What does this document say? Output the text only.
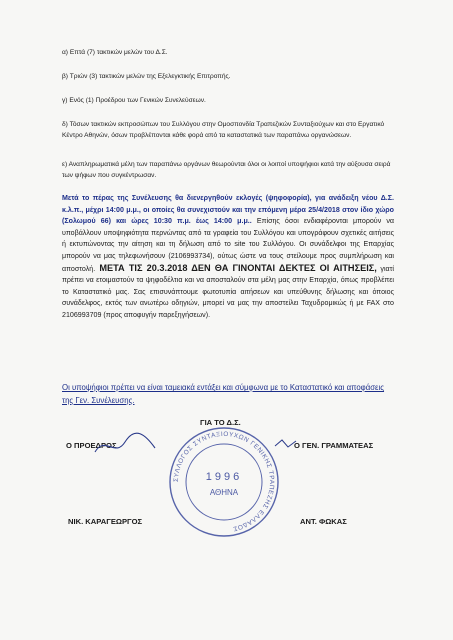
α) Επτά (7) τακτικών μελών του Δ.Σ.

β) Τριών (3) τακτικών μελών της Εξελεγκτικής Επιτροπής.

γ) Ενός (1) Προέδρου των Γενικών Συνελεύσεων.

δ) Τόσων τακτικών εκπροσώπων του Συλλόγου στην Ομοσπονδία Τραπεζικών Συνταξιούχων και στο Εργατικό Κέντρο Αθηνών, όσων προβλέπονται κάθε φορά από τα καταστατικά των παραπάνω οργανώσεων.

ε) Αναπληρωματικά μέλη των παραπάνω οργάνων θεωρούνται όλοι οι λοιποί υποψήφιοι κατά την αύξουσα σειρά των ψήφων που συγκέντρωσαν.

Μετά το πέρας της Συνέλευσης θα διενεργηθούν εκλογές (ψηφοφορία), για ανάδειξη νέου Δ.Σ. κ.λ.π., μέχρι 14:00 μ.μ., οι οποίες θα συνεχιστούν και την επόμενη μέρα 25/4/2018 στον ίδιο χώρο (Σολωμού 66) και ώρες 10:30 π.μ. έως 14:00 μ.μ.. Επίσης όσοι ενδιαφέρονται μπορούν να υποβάλλουν υποψηφιότητα περνώντας από τα γραφεία του Συλλόγου και υπογράφουν σχετικές αιτήσεις ή εκτυπώνοντας την αίτηση και τη δήλωση από το site του Συλλόγου. Οι συνάδελφοι της Επαρχίας μπορούν να μας τηλεφωνήσουν (2106993734), ούτως ώστε να τους στείλουμε προς συμπλήρωση και αποστολή. ΜΕΤΑ ΤΙΣ 20.3.2018 ΔΕΝ ΘΑ ΓΙΝΟΝΤΑΙ ΔΕΚΤΕΣ ΟΙ ΑΙΤΗΣΕΙΣ, γιατί πρέπει να ετοιμαστούν τα ψηφοδέλτια και να αποσταλούν στα μέλη μας στην Επαρχία, όπως προβλέπει το Καταστατικό μας. Σας επισυνάπτουμε φωτοτυπία αιτήσεων και υπεύθυνης δήλωσης και όποιος συνάδελφος, εκτός των ανωτέρω οδηγιών, μπορεί να μας την αποστείλει Ταχυδρομικώς ή με FAX στο 2106993709 (προς αποφυγήν παρεξηγήσεων).
Οι υποψήφιοι πρέπει να είναι ταμειακά εντάξει και σύμφωνα με το Καταστατικό και αποφάσεις της Γεν. Συνέλευσης.
ΓΙΑ ΤΟ Δ.Σ.
Ο ΠΡΟΕΔΡΟΣ	Ο ΓΕΝ. ΓΡΑΜΜΑΤΕΑΣ
ΝΙΚ. ΚΑΡΑΓΕΩΡΓΟΣ	ΑΝΤ. ΦΩΚΑΣ
ΣΥΛΛΟΓΟΣ ΣΥΝΤΑΞΙΟΥΧΩΝ ΓΕΝΙΚΗΣ ΤΡΑΠΕΖΗΣ ΕΛΛΑΔΟΣ
1996
ΑΘΗΝΑ
